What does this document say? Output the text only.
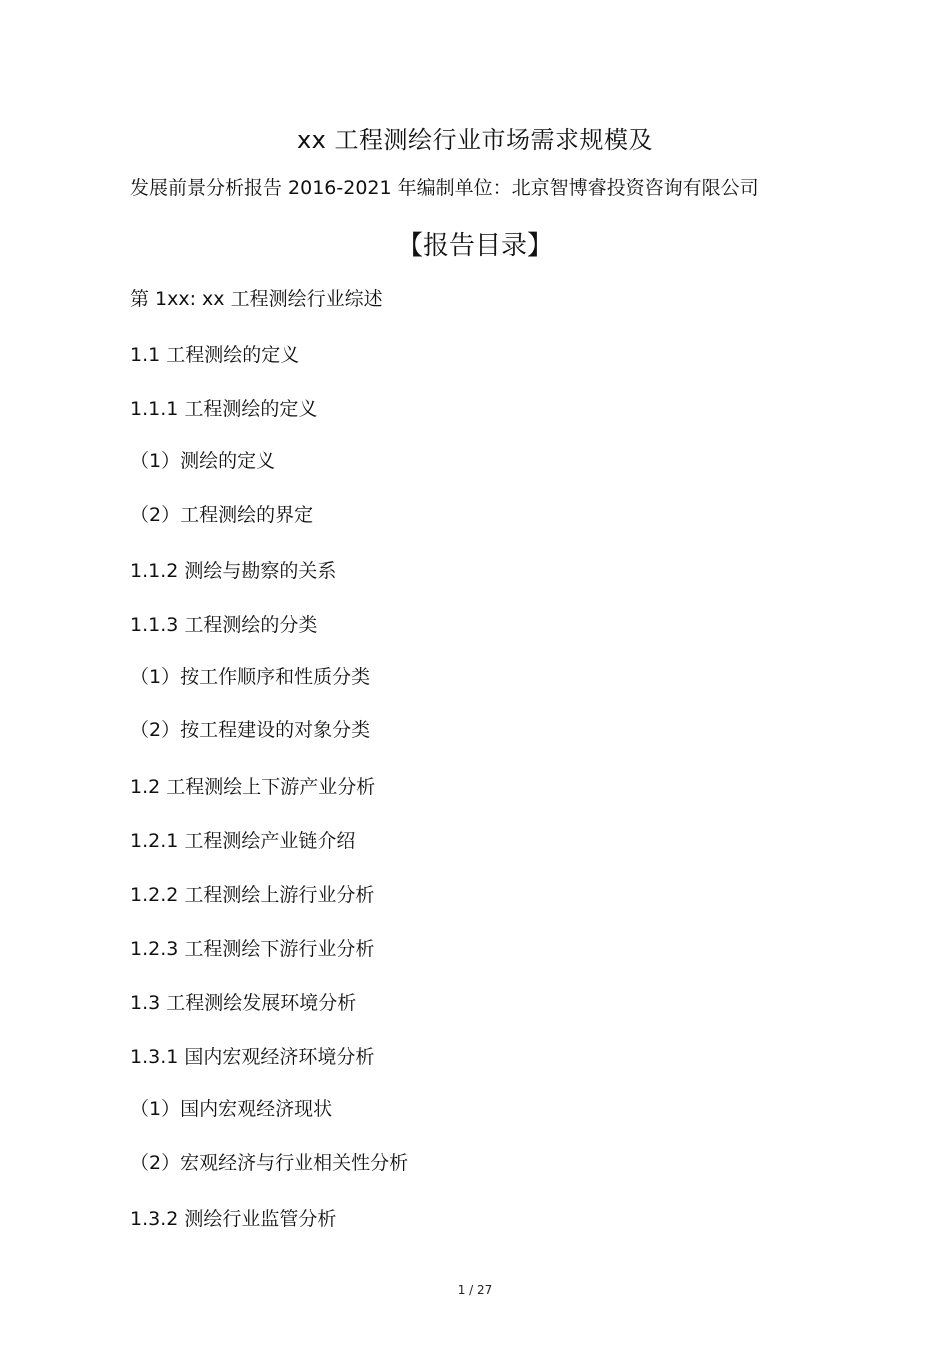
xx 工程测绘行业市场需求规模及
发展前景分析报告 2016-2021 年编制单位：北京智博睿投资咨询有限公司
【报告目录】
第 1xx: xx 工程测绘行业综述
1.1 工程测绘的定义
1.1.1 工程测绘的定义
（1）测绘的定义
（2）工程测绘的界定
1.1.2 测绘与勘察的关系
1.1.3 工程测绘的分类
（1）按工作顺序和性质分类
（2）按工程建设的对象分类
1.2 工程测绘上下游产业分析
1.2.1 工程测绘产业链介绍
1.2.2 工程测绘上游行业分析
1.2.3 工程测绘下游行业分析
1.3 工程测绘发展环境分析
1.3.1 国内宏观经济环境分析
（1）国内宏观经济现状
（2）宏观经济与行业相关性分析
1.3.2 测绘行业监管分析
1 / 27
